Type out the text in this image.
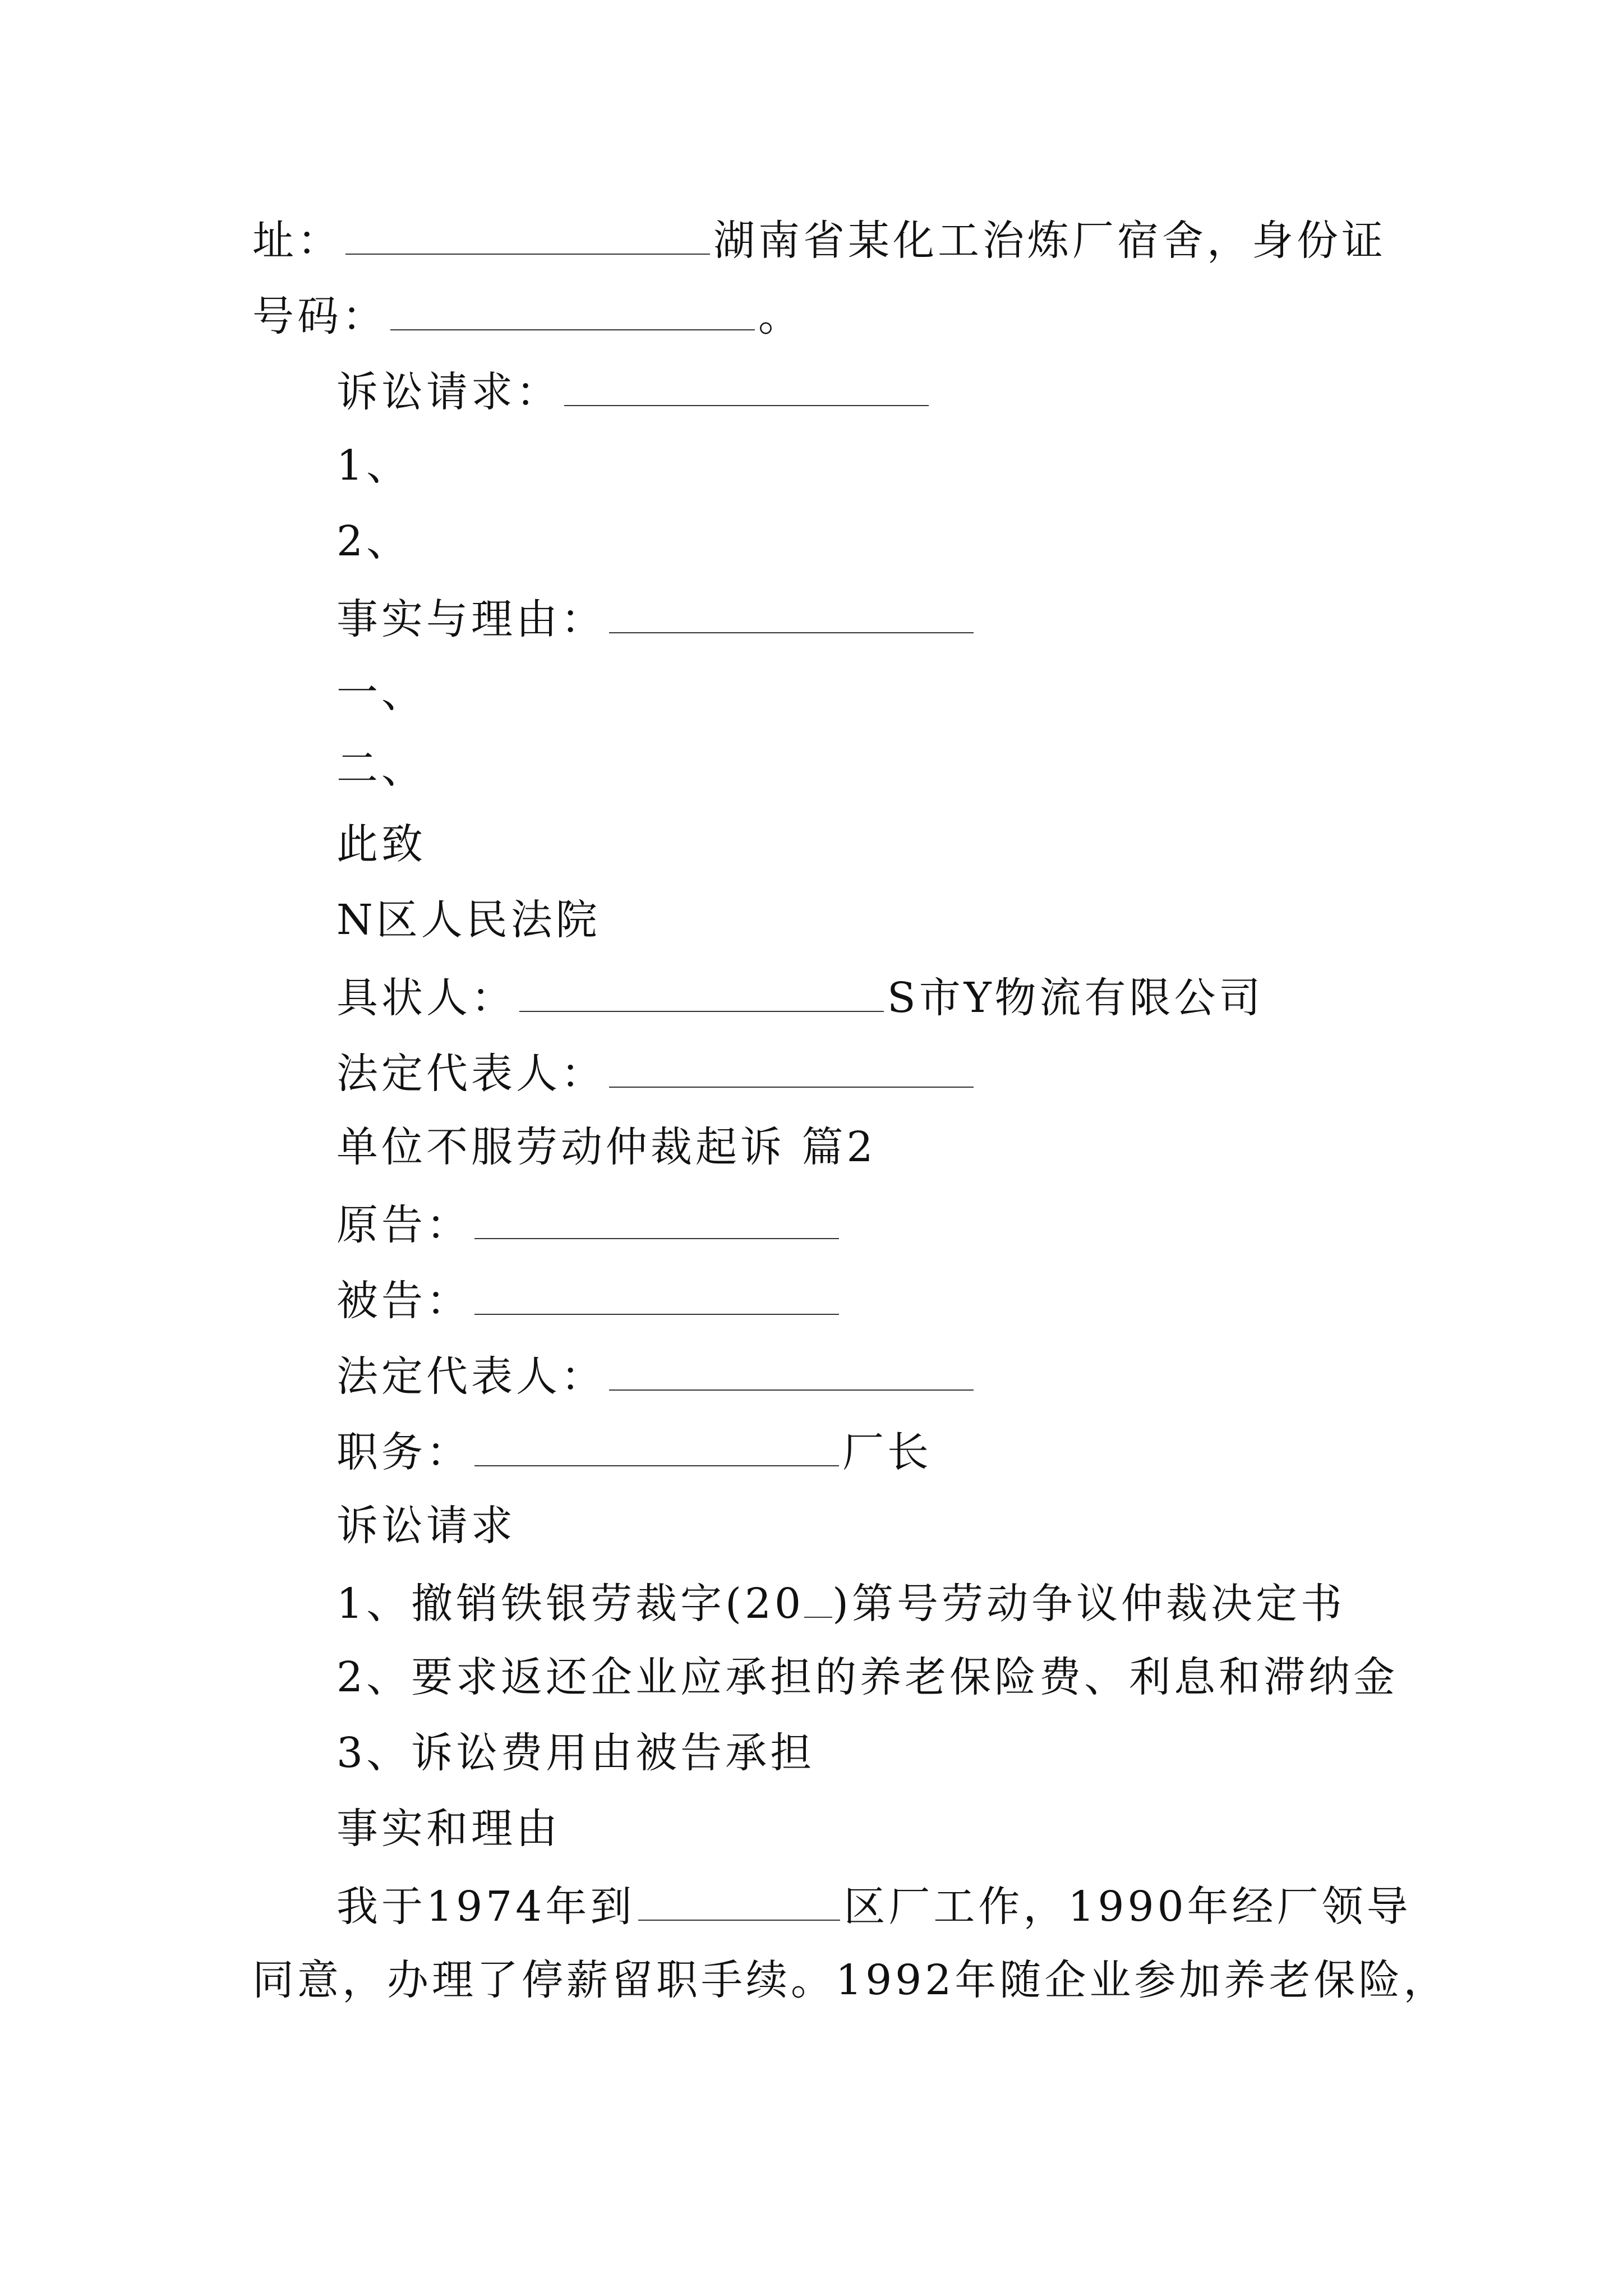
址：	湖南省某化工治炼厂宿舍，身份证
号码：	。
诉讼请求：
1、
2、
事实与理由：
一、
二、
此致
N区人民法院
具状人：	S市Y物流有限公司
法定代表人：
单位不服劳动仲裁起诉 篇2
原告：
被告：
法定代表人：
职务：	厂长
诉讼请求
1、撤销铁银劳裁字(20 )第号劳动争议仲裁决定书
2、要求返还企业应承担的养老保险费、利息和滞纳金
3、诉讼费用由被告承担
事实和理由
我于1974年到	区厂工作，1990年经厂领导
同意，办理了停薪留职手续。1992年随企业参加养老保险，
